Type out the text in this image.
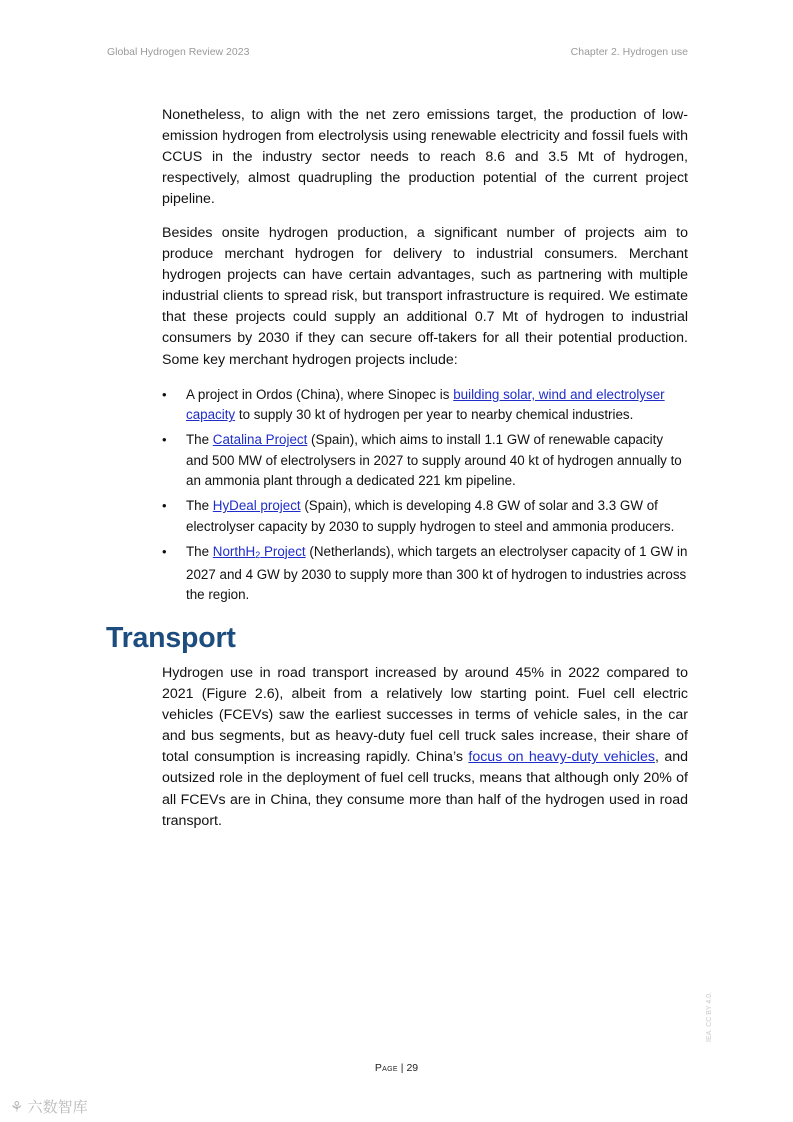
Global Hydrogen Review 2023	Chapter 2. Hydrogen use

Nonetheless, to align with the net zero emissions target, the production of low-emission hydrogen from electrolysis using renewable electricity and fossil fuels with CCUS in the industry sector needs to reach 8.6 and 3.5 Mt of hydrogen, respectively, almost quadrupling the production potential of the current project pipeline.

Besides onsite hydrogen production, a significant number of projects aim to produce merchant hydrogen for delivery to industrial consumers. Merchant hydrogen projects can have certain advantages, such as partnering with multiple industrial clients to spread risk, but transport infrastructure is required. We estimate that these projects could supply an additional 0.7 Mt of hydrogen to industrial consumers by 2030 if they can secure off-takers for all their potential production. Some key merchant hydrogen projects include:

• A project in Ordos (China), where Sinopec is building solar, wind and electrolyser capacity to supply 30 kt of hydrogen per year to nearby chemical industries.
• The Catalina Project (Spain), which aims to install 1.1 GW of renewable capacity and 500 MW of electrolysers in 2027 to supply around 40 kt of hydrogen annually to an ammonia plant through a dedicated 221 km pipeline.
• The HyDeal project (Spain), which is developing 4.8 GW of solar and 3.3 GW of electrolyser capacity by 2030 to supply hydrogen to steel and ammonia producers.
• The NorthH$_2$ Project (Netherlands), which targets an electrolyser capacity of 1 GW in 2027 and 4 GW by 2030 to supply more than 300 kt of hydrogen to industries across the region.
Transport

Hydrogen use in road transport increased by around 45% in 2022 compared to 2021 (Figure 2.6), albeit from a relatively low starting point. Fuel cell electric vehicles (FCEVs) saw the earliest successes in terms of vehicle sales, in the car and bus segments, but as heavy-duty fuel cell truck sales increase, their share of total consumption is increasing rapidly. China’s focus on heavy-duty vehicles, and outsized role in the deployment of fuel cell trucks, means that although only 20% of all FCEVs are in China, they consume more than half of the hydrogen used in road transport.

IEA. CC BY 4.0.
Page | 29
⚘ 六数智库
